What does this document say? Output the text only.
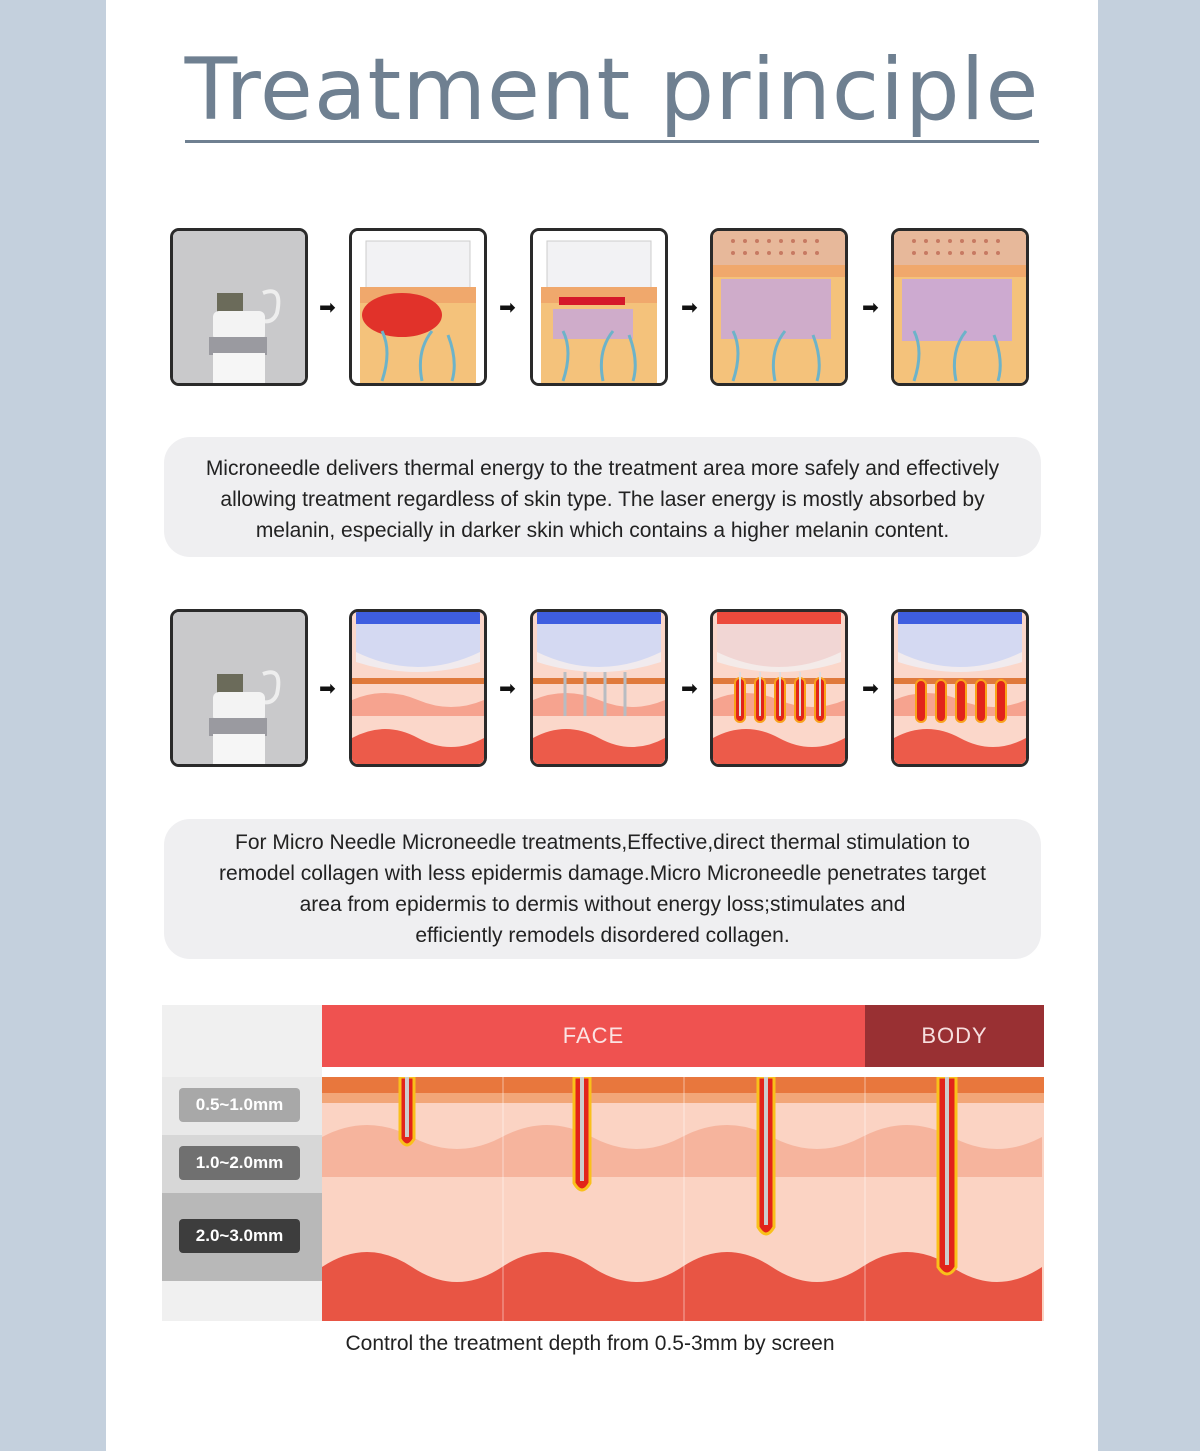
Treatment principle
➡	➡	➡	➡
Microneedle delivers thermal energy to the treatment area more safely and effectively
allowing treatment regardless of skin type. The laser energy is mostly absorbed by
melanin, especially in darker skin which contains a higher melanin content.
➡	➡	➡	➡
For Micro Needle Microneedle treatments,Effective,direct thermal stimulation to
remodel collagen with less epidermis damage.Micro Microneedle penetrates target
area from epidermis to dermis without energy loss;stimulates and
efficiently remodels disordered collagen.
0.5~1.0mm
1.0~2.0mm
2.0~3.0mm
FACE	BODY
Control the treatment depth from 0.5-3mm by screen
